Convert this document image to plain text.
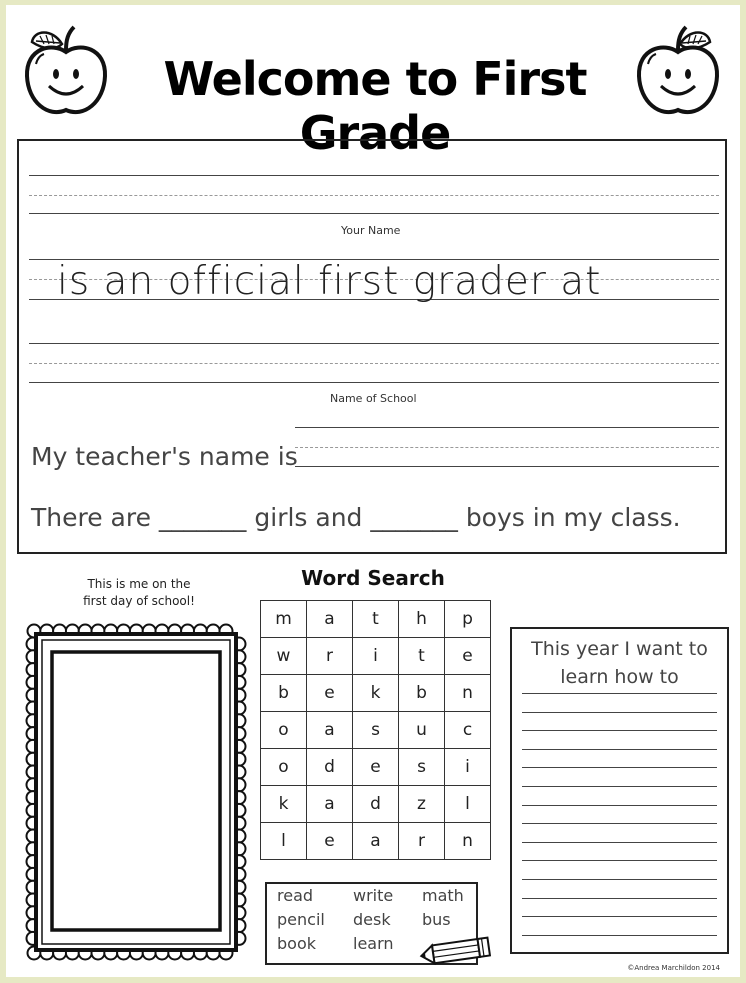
Welcome to First Grade
Your Name
is an official first grader at
Name of School
My teacher's name is
There are _______ girls and _______ boys in my class.
This is me on the
first day of school!
Word Search
m	a	t	h	p
w	r	i	t	e
b	e	k	b	n
o	a	s	u	c
o	d	e	s	i
k	a	d	z	l
l	e	a	r	n
read write math
pencil desk bus
book learn
This year I want to
learn how to
©Andrea Marchildon 2014
